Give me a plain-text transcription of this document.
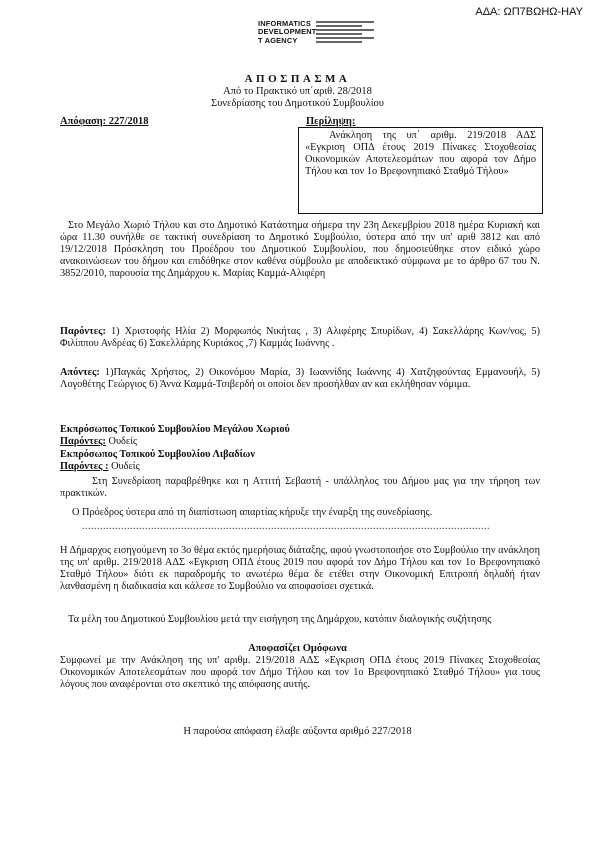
ΑΔΑ: ΩΠ7ΒΩΗΩ-ΗΑΥ
INFORMATICS
DEVELOPMENT
T AGENCY
ΑΠΟΣΠΑΣΜΑ
Από το Πρακτικό υπ΄αριθ. 28/2018
Συνεδρίασης του Δημοτικού Συμβουλίου
Απόφαση: 227/2018	Περίληψη:
Ανάκληση της υπ΄ αριθμ. 219/2018 ΑΔΣ «Εγκριση ΟΠΔ έτους 2019 Πίνακες Στοχοθεσίας Οικονομικών Αποτελεσμάτων που αφορά τον Δήμο Τήλου και τον 1ο Βρεφονηπιακό Σταθμό Τήλου»

Στο Μεγάλο Χωριό Τήλου και στο Δημοτικό Κατάστημα σήμερα την 23η Δεκεμβρίου 2018 ημέρα Κυριακή και ώρα 11.30 συνήλθε σε τακτική συνεδρίαση το Δημοτικό Συμβούλιο, ύστερα από την υπ' αριθ 3812 και από 19/12/2018 Πρόσκληση του Προέδρου του Δημοτικού Συμβουλίου, που δημοσιεύθηκε στον ειδικό χώρο ανακοινώσεων του δήμου και επιδόθηκε στον καθένα σύμβουλο με αποδεικτικό σύμφωνα με το άρθρο 67 του Ν. 3852/2010, παρουσία της Δημάρχου κ. Μαρίας Καμμά-Αλιφέρη

Παρόντες: 1) Χριστοφής Ηλία 2) Μορφωπός Νικήτας , 3) Αλιφέρης Σπυρίδων, 4) Σακελλάρης Κων/νος, 5) Φιλίππου Ανδρέας 6) Σακελλάρης Κυριάκος ,7) Καμμάς Ιωάννης .

Απόντες: 1)Παγκάς Χρήστος, 2) Οικονόμου Μαρία, 3) Ιωαννίδης Ιωάννης 4) Χατζηφούντας Εμμανουήλ, 5) Λογοθέτης Γεώργιος 6) Άννα Καμμά-Τσιβερδή οι οποίοι δεν προσήλθαν αν και εκλήθησαν νόμιμα.

Εκπρόσωπος Τοπικού Συμβουλίου Μεγάλου Χωριού
Παρόντες: Ουδείς
Εκπρόσωπος Τοπικού Συμβουλίου Λιβαδίων
Παρόντες : Ουδείς

Στη Συνεδρίαση παραβρέθηκε και η Αττιτή Σεβαστή - υπάλληλος του Δήμου μας για την τήρηση των πρακτικών.

Ο Πρόεδρος ύστερα από τη διαπίστωση απαρτίας κήρυξε την έναρξη της συνεδρίασης.

........................................................................................................................................

Η Δήμαρχος εισηγούμενη το 3ο θέμα εκτός ημερήσιας διάταξης, αφού γνωστοποιήσε στο Συμβούλιο την ανάκληση της υπ' αριθμ. 219/2018 ΑΔΣ «Εγκριση ΟΠΔ έτους 2019 που αφορά τον Δήμο Τήλου και τον 1ο Βρεφονηπιακό Σταθμό Τήλου» διότι εκ παραδρομής το ανωτέρω θέμα δε ετέθει στην Οικονομική Επιτροπή δηλαδή ήταν λανθασμένη η διαδικασία και κάλεσε το Συμβούλιο να αποφασίσει σχετικά.

Τα μέλη του Δημοτικού Συμβουλίου μετά την εισήγηση της Δημάρχου, κατόπιν διαλογικής συζήτησης

Αποφασίζει Ομόφωνα

Συμφωνεί με την Ανάκληση της υπ' αριθμ. 219/2018 ΑΔΣ «Εγκριση ΟΠΔ έτους 2019 Πίνακες Στοχοθεσίας Οικονομικών Αποτελεσμάτων που αφορά τον Δήμο Τήλου και τον 1ο Βρεφονηπιακό Σταθμό Τήλου» για τους λόγους που αναφέρονται στο σκεπτικό της απόφασης αυτής.

Η παρούσα απόφαση έλαβε αύξοντα αριθμό 227/2018
